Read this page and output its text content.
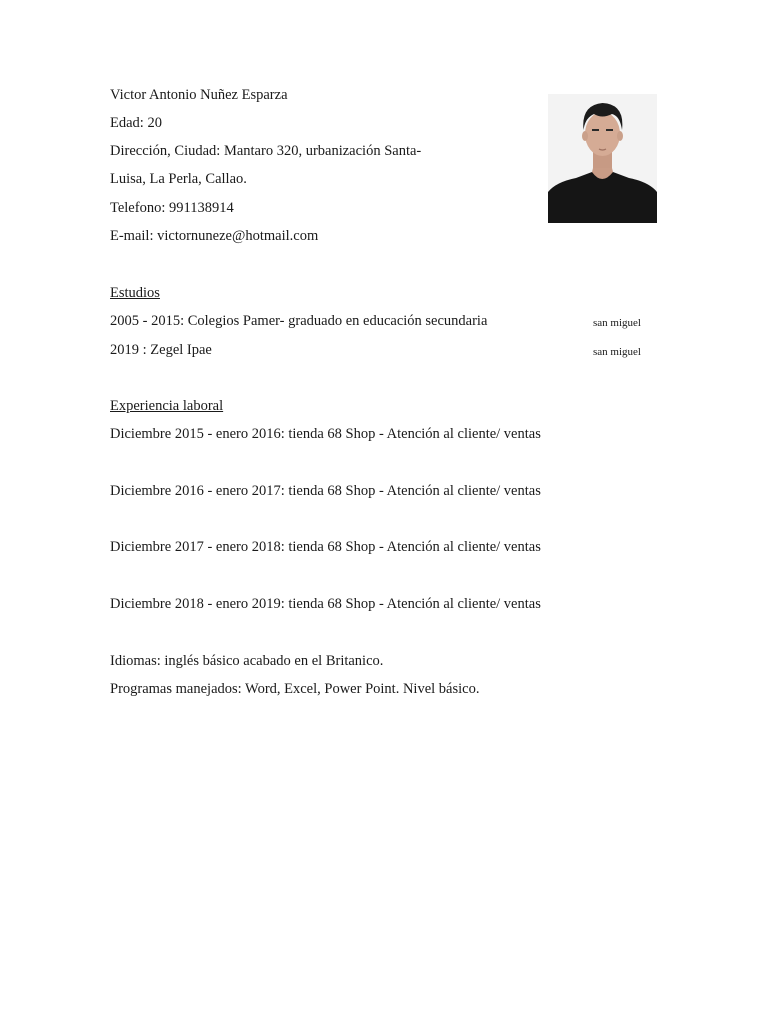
Victor Antonio Nuñez Esparza
Edad: 20
Dirección, Ciudad: Mantaro 320, urbanización Santa-
Luisa, La Perla, Callao.
Telefono: 991138914
E-mail: victornuneze@hotmail.com
Estudios
2005 - 2015: Colegios Pamer- graduado en educación secundaria	san miguel
2019 : Zegel Ipae	san miguel
Experiencia laboral
Diciembre 2015 - enero 2016: tienda 68 Shop - Atención al cliente/ ventas
Diciembre 2016 - enero 2017: tienda 68 Shop - Atención al cliente/ ventas
Diciembre 2017 - enero 2018: tienda 68 Shop - Atención al cliente/ ventas
Diciembre 2018 - enero 2019: tienda 68 Shop - Atención al cliente/ ventas
Idiomas: inglés básico acabado en el Britanico.
Programas manejados: Word, Excel, Power Point. Nivel básico.
